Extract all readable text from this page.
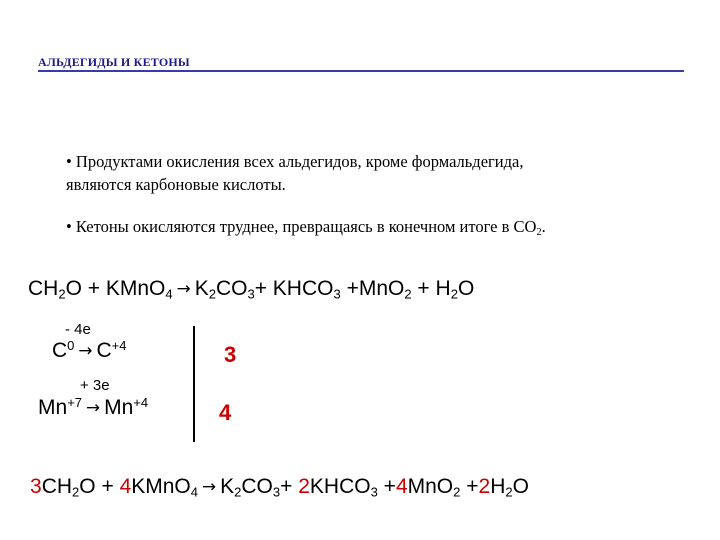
АЛЬДЕГИДЫ И КЕТОНЫ
• Продуктами окисления всех альдегидов, кроме формальдегида,
являются карбоновые кислоты.
• Кетоны окисляются труднее, превращаясь в конечном итоге в $CO_2$.
$CH_2O$ + KMnO$_4$ → $K_2CO_3+$ $KHCO_3 +MnO_2 + H_2O$
- 4e
$C^0 \to C^{+4}$
+ 3e
$Mn^{+7} \to Mn^{+4}$
3
4
$3CH_2O$ + 4KMnO$_4$ → $K_2CO_3+$ $2KHCO_3 +4MnO_2 +2H_2O$
